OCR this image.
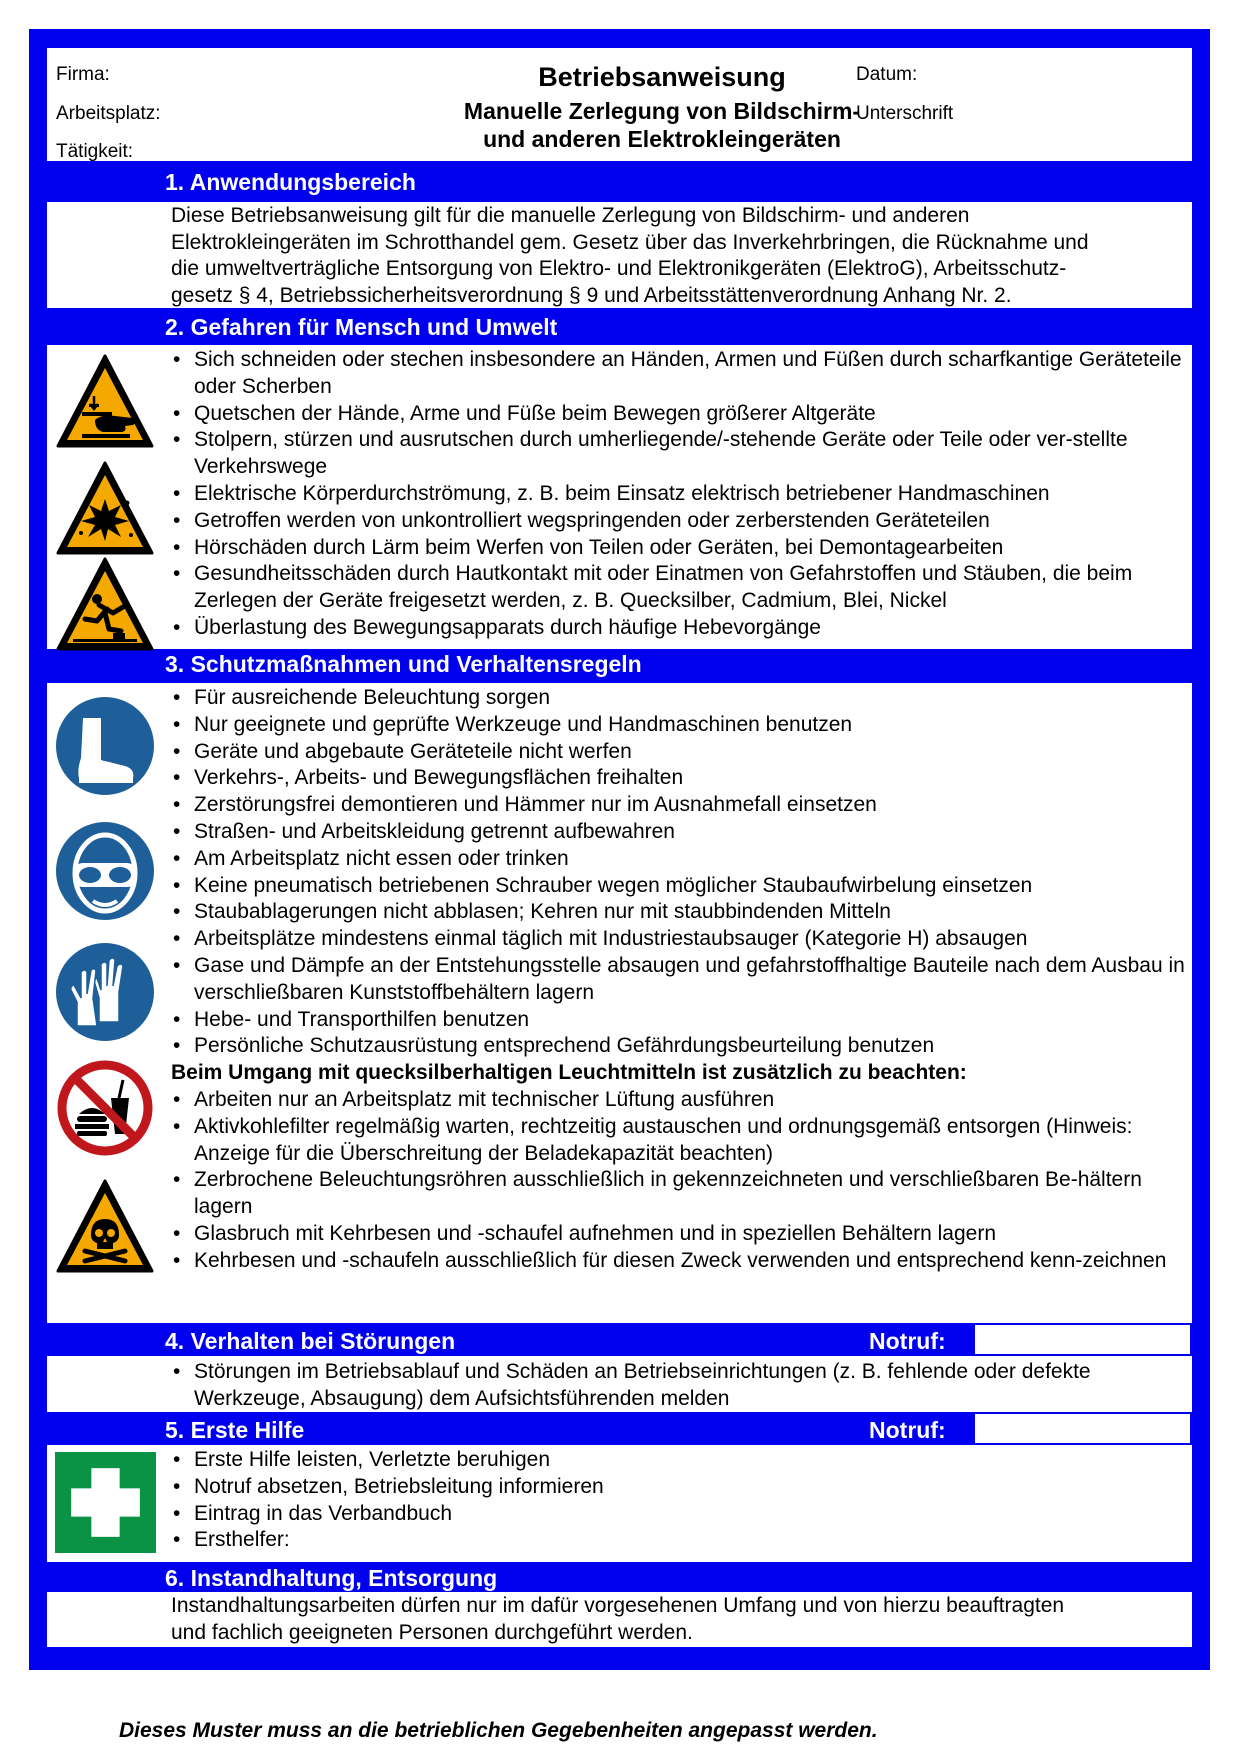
Firma:
Arbeitsplatz:
Tätigkeit:
Datum:
Unterschrift
Betriebsanweisung
Manuelle Zerlegung von Bildschirm-
und anderen Elektrokleingeräten
1. Anwendungsbereich
Diese Betriebsanweisung gilt für die manuelle Zerlegung von Bildschirm- und anderen
Elektrokleingeräten im Schrotthandel gem. Gesetz über das Inverkehrbringen, die Rücknahme und
die umweltverträgliche Entsorgung von Elektro- und Elektronikgeräten (ElektroG), Arbeitsschutz-
gesetz § 4, Betriebssicherheitsverordnung § 9 und Arbeitsstättenverordnung Anhang Nr. 2.
2. Gefahren für Mensch und Umwelt
• Sich schneiden oder stechen insbesondere an Händen, Armen und Füßen durch scharfkantige Geräteteile oder Scherben
• Quetschen der Hände, Arme und Füße beim Bewegen größerer Altgeräte
• Stolpern, stürzen und ausrutschen durch umherliegende/-stehende Geräte oder Teile oder ver-stellte Verkehrswege
• Elektrische Körperdurchströmung, z. B. beim Einsatz elektrisch betriebener Handmaschinen
• Getroffen werden von unkontrolliert wegspringenden oder zerberstenden Geräteteilen
• Hörschäden durch Lärm beim Werfen von Teilen oder Geräten, bei Demontagearbeiten
• Gesundheitsschäden durch Hautkontakt mit oder Einatmen von Gefahrstoffen und Stäuben, die beim Zerlegen der Geräte freigesetzt werden, z. B. Quecksilber, Cadmium, Blei, Nickel
• Überlastung des Bewegungsapparats durch häufige Hebevorgänge
3. Schutzmaßnahmen und Verhaltensregeln
• Für ausreichende Beleuchtung sorgen
• Nur geeignete und geprüfte Werkzeuge und Handmaschinen benutzen
• Geräte und abgebaute Geräteteile nicht werfen
• Verkehrs-, Arbeits- und Bewegungsflächen freihalten
• Zerstörungsfrei demontieren und Hämmer nur im Ausnahmefall einsetzen
• Straßen- und Arbeitskleidung getrennt aufbewahren
• Am Arbeitsplatz nicht essen oder trinken
• Keine pneumatisch betriebenen Schrauber wegen möglicher Staubaufwirbelung einsetzen
• Staubablagerungen nicht abblasen; Kehren nur mit staubbindenden Mitteln
• Arbeitsplätze mindestens einmal täglich mit Industriestaubsauger (Kategorie H) absaugen
• Gase und Dämpfe an der Entstehungsstelle absaugen und gefahrstoffhaltige Bauteile nach dem Ausbau in verschließbaren Kunststoffbehältern lagern
• Hebe- und Transporthilfen benutzen
• Persönliche Schutzausrüstung entsprechend Gefährdungsbeurteilung benutzen
Beim Umgang mit quecksilberhaltigen Leuchtmitteln ist zusätzlich zu beachten:
• Arbeiten nur an Arbeitsplatz mit technischer Lüftung ausführen
• Aktivkohlefilter regelmäßig warten, rechtzeitig austauschen und ordnungsgemäß entsorgen (Hinweis: Anzeige für die Überschreitung der Beladekapazität beachten)
• Zerbrochene Beleuchtungsröhren ausschließlich in gekennzeichneten und verschließbaren Be-hältern lagern
• Glasbruch mit Kehrbesen und -schaufel aufnehmen und in speziellen Behältern lagern
• Kehrbesen und -schaufeln ausschließlich für diesen Zweck verwenden und entsprechend kenn-zeichnen
4. Verhalten bei Störungen	Notruf:
• Störungen im Betriebsablauf und Schäden an Betriebseinrichtungen (z. B. fehlende oder defekte Werkzeuge, Absaugung) dem Aufsichtsführenden melden
5. Erste Hilfe	Notruf:
• Erste Hilfe leisten, Verletzte beruhigen
• Notruf absetzen, Betriebsleitung informieren
• Eintrag in das Verbandbuch
• Ersthelfer:
6. Instandhaltung, Entsorgung
Instandhaltungsarbeiten dürfen nur im dafür vorgesehenen Umfang und von hierzu beauftragten
und fachlich geeigneten Personen durchgeführt werden.
Dieses Muster muss an die betrieblichen Gegebenheiten angepasst werden.
